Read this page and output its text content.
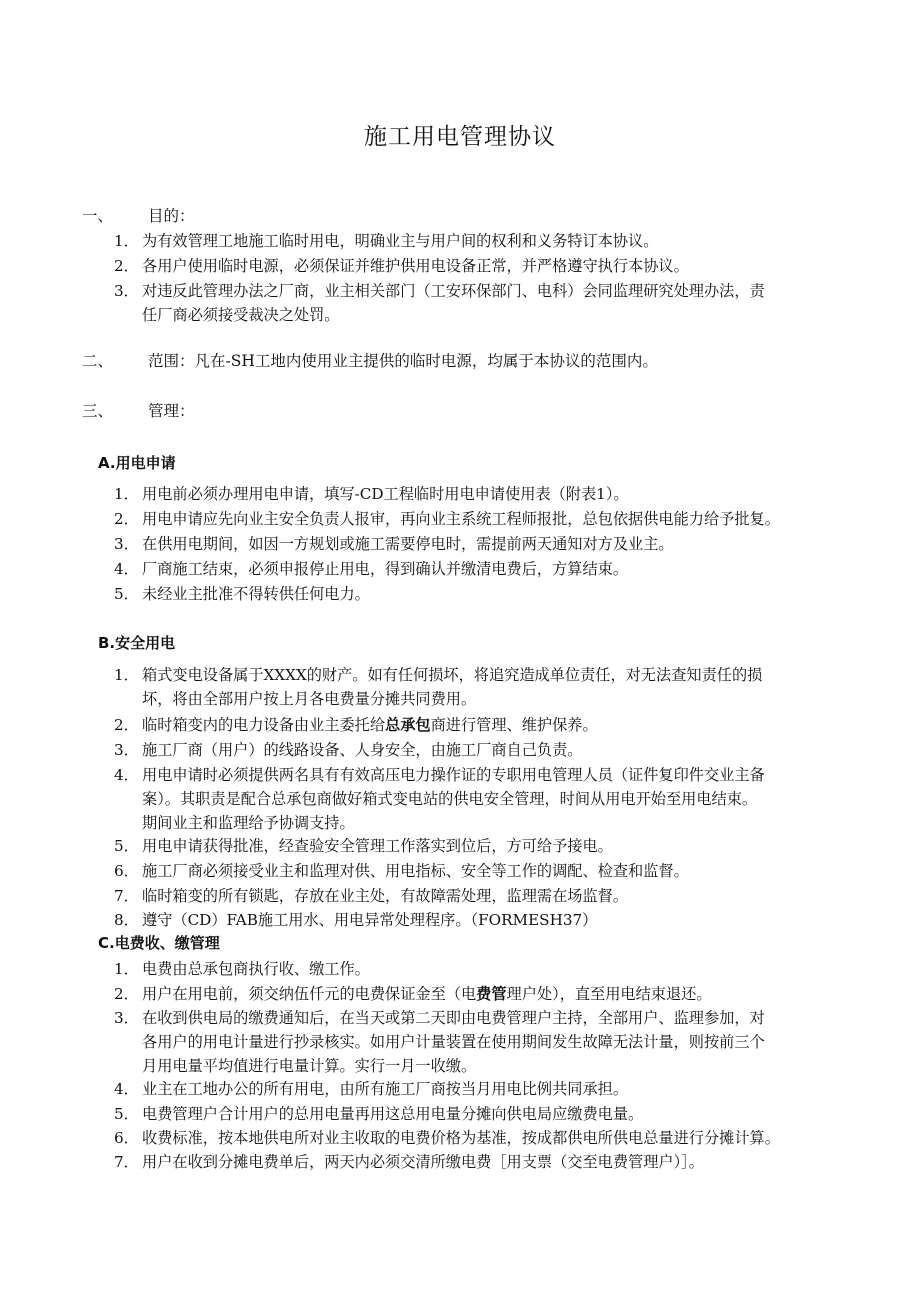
施工用电管理协议
一、 目的：
1． 为有效管理工地施工临时用电，明确业主与用户间的权利和义务特订本协议。
2． 各用户使用临时电源，必须保证并维护供用电设备正常，并严格遵守执行本协议。
3． 对违反此管理办法之厂商，业主相关部门（工安环保部门、电科）会同监理研究处理办法，责
任厂商必须接受裁决之处罚。
二、 范围：凡在-SH工地内使用业主提供的临时电源，均属于本协议的范围内。
三、 管理：
A.用电申请
1． 用电前必须办理用电申请，填写-CD工程临时用电申请使用表（附表1）。
2． 用电申请应先向业主安全负责人报审，再向业主系统工程师报批，总包依据供电能力给予批复。
3． 在供用电期间，如因一方规划或施工需要停电时，需提前两天通知对方及业主。
4． 厂商施工结束，必须申报停止用电，得到确认并缴清电费后，方算结束。
5． 未经业主批准不得转供任何电力。
B.安全用电
1． 箱式变电设备属于XXXX的财产。如有任何损坏，将追究造成单位责任，对无法查知责任的损
坏，将由全部用户按上月各电费量分摊共同费用。
2． 临时箱变内的电力设备由业主委托给总承包商进行管理、维护保养。
3． 施工厂商（用户）的线路设备、人身安全，由施工厂商自己负责。
4． 用电申请时必须提供两名具有有效高压电力操作证的专职用电管理人员（证件复印件交业主备
案）。其职责是配合总承包商做好箱式变电站的供电安全管理，时间从用电开始至用电结束。
期间业主和监理给予协调支持。
5． 用电申请获得批准，经查验安全管理工作落实到位后，方可给予接电。
6． 施工厂商必须接受业主和监理对供、用电指标、安全等工作的调配、检查和监督。
7． 临时箱变的所有锁匙，存放在业主处，有故障需处理，监理需在场监督。
8． 遵守（CD）FAB施工用水、用电异常处理程序。（FORMESH37）
C.电费收、缴管理
1． 电费由总承包商执行收、缴工作。
2． 用户在用电前，须交纳伍仟元的电费保证金至（电费管理户处），直至用电结束退还。
3． 在收到供电局的缴费通知后，在当天或第二天即由电费管理户主持，全部用户、监理参加，对
各用户的用电计量进行抄录核实。如用户计量装置在使用期间发生故障无法计量，则按前三个
月用电量平均值进行电量计算。实行一月一收缴。
4． 业主在工地办公的所有用电，由所有施工厂商按当月用电比例共同承担。
5． 电费管理户合计用户的总用电量再用这总用电量分摊向供电局应缴费电量。
6． 收费标准，按本地供电所对业主收取的电费价格为基准，按成都供电所供电总量进行分摊计算。
7． 用户在收到分摊电费单后，两天内必须交清所缴电费［用支票（交至电费管理户）］。
